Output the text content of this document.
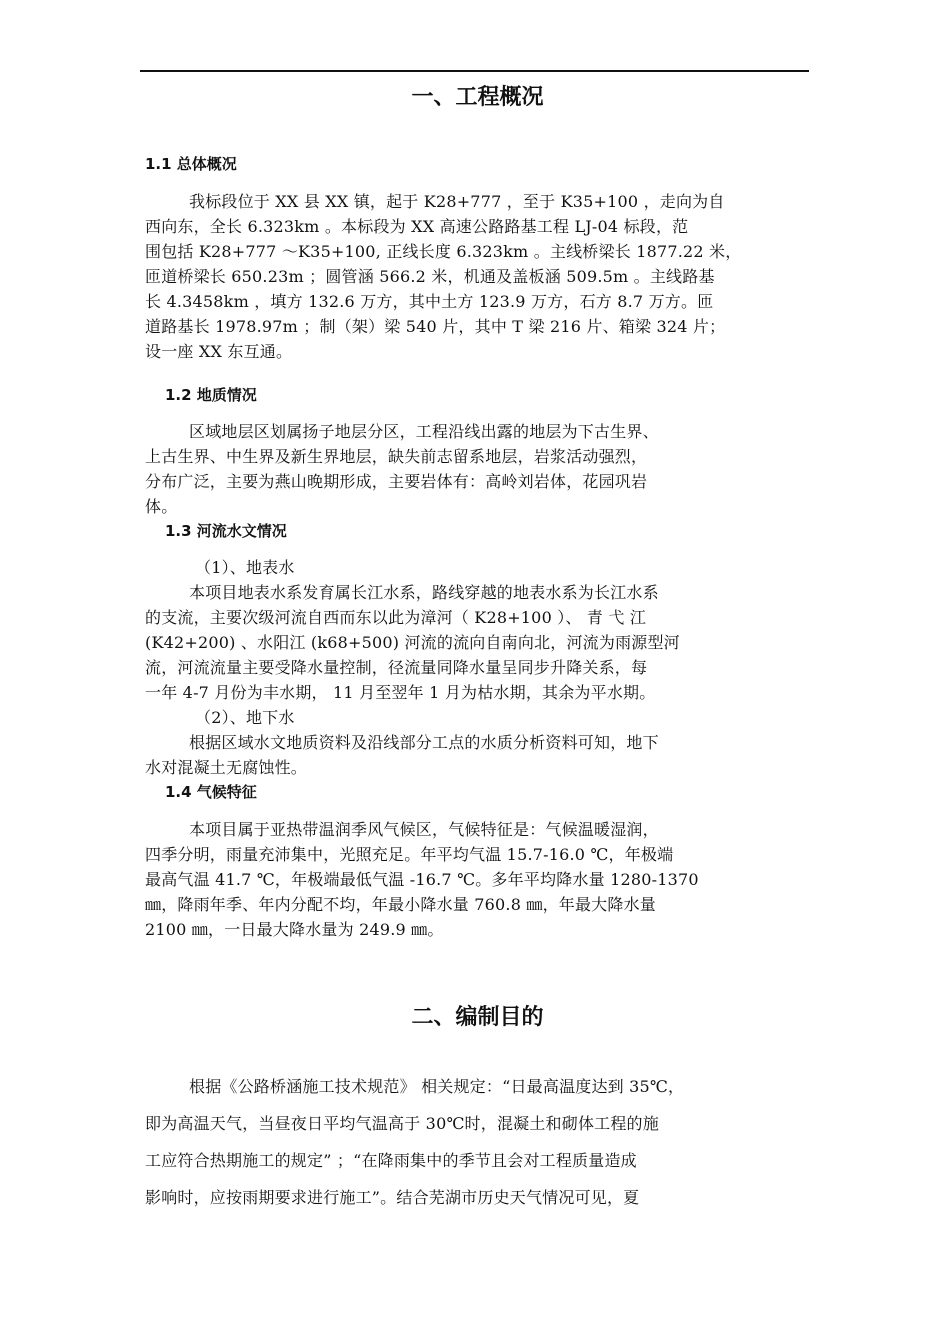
一、工程概况
1.1 总体概况
我标段位于 XX 县 XX 镇，起于 K28+777 ，至于 K35+100 ，走向为自
西向东，全长 6.323km 。本标段为 XX 高速公路路基工程 LJ-04 标段，范
围包括 K28+777 ～K35+100, 正线长度 6.323km 。主线桥梁长 1877.22 米，
匝道桥梁长 650.23m ；圆管涵 566.2 米，机通及盖板涵 509.5m 。主线路基
长 4.3458km ，填方 132.6 万方，其中土方 123.9 万方，石方 8.7 万方。匝
道路基长 1978.97m ；制（架）梁 540 片，其中 T 梁 216 片、箱梁 324 片；
设一座 XX 东互通。
1.2 地质情况
区域地层区划属扬子地层分区，工程沿线出露的地层为下古生界、
上古生界、中生界及新生界地层，缺失前志留系地层，岩浆活动强烈，
分布广泛，主要为燕山晚期形成，主要岩体有：高岭刘岩体，花园巩岩
体。
1.3 河流水文情况
（1）、地表水
本项目地表水系发育属长江水系，路线穿越的地表水系为长江水系
的支流，主要次级河流自西而东以此为漳河（ K28+100 ）、 青 弋 江
(K42+200) 、水阳江 (k68+500) 河流的流向自南向北，河流为雨源型河
流，河流流量主要受降水量控制，径流量同降水量呈同步升降关系，每
一年 4-7 月份为丰水期， 11 月至翌年 1 月为枯水期，其余为平水期。
（2）、地下水
根据区域水文地质资料及沿线部分工点的水质分析资料可知，地下
水对混凝土无腐蚀性。
1.4 气候特征
本项目属于亚热带温润季风气候区，气候特征是：气候温暖湿润，
四季分明，雨量充沛集中，光照充足。年平均气温 15.7-16.0 ℃，年极端
最高气温 41.7 ℃，年极端最低气温 -16.7 ℃。多年平均降水量 1280-1370
㎜，降雨年季、年内分配不均，年最小降水量 760.8 ㎜，年最大降水量
2100 ㎜，一日最大降水量为 249.9 ㎜。
二、编制目的
根据《公路桥涵施工技术规范》 相关规定：“日最高温度达到 35℃，
即为高温天气，当昼夜日平均气温高于 30℃时，混凝土和砌体工程的施
工应符合热期施工的规定” ；“在降雨集中的季节且会对工程质量造成
影响时，应按雨期要求进行施工”。结合芜湖市历史天气情况可见，夏
